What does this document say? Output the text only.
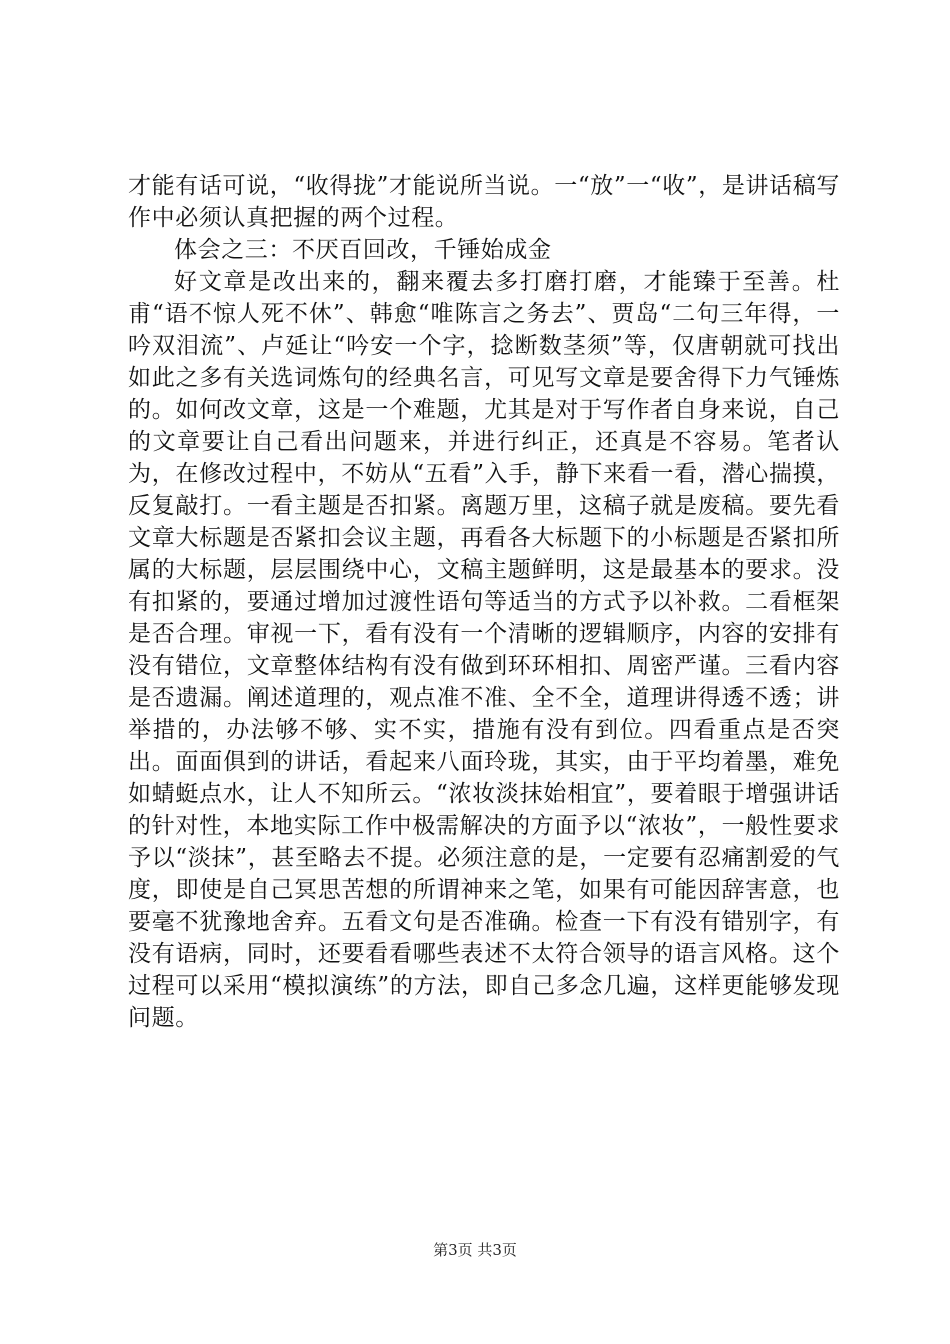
才能有话可说，“收得拢”才能说所当说。一“放”一“收”，是讲话稿写作中必须认真把握的两个过程。

体会之三：不厌百回改，千锤始成金

好文章是改出来的，翻来覆去多打磨打磨，才能臻于至善。杜甫“语不惊人死不休”、韩愈“唯陈言之务去”、贾岛“二句三年得，一吟双泪流”、卢延让“吟安一个字，捻断数茎须”等，仅唐朝就可找出如此之多有关选词炼句的经典名言，可见写文章是要舍得下力气锤炼的。如何改文章，这是一个难题，尤其是对于写作者自身来说，自己的文章要让自己看出问题来，并进行纠正，还真是不容易。笔者认为，在修改过程中，不妨从“五看”入手，静下来看一看，潜心揣摸，反复敲打。一看主题是否扣紧。离题万里，这稿子就是废稿。要先看文章大标题是否紧扣会议主题，再看各大标题下的小标题是否紧扣所属的大标题，层层围绕中心，文稿主题鲜明，这是最基本的要求。没有扣紧的，要通过增加过渡性语句等适当的方式予以补救。二看框架是否合理。审视一下，看有没有一个清晰的逻辑顺序，内容的安排有没有错位，文章整体结构有没有做到环环相扣、周密严谨。三看内容是否遗漏。阐述道理的，观点准不准、全不全，道理讲得透不透；讲举措的，办法够不够、实不实，措施有没有到位。四看重点是否突出。面面俱到的讲话，看起来八面玲珑，其实，由于平均着墨，难免如蜻蜓点水，让人不知所云。“浓妆淡抹始相宜”，要着眼于增强讲话的针对性，本地实际工作中极需解决的方面予以“浓妆”，一般性要求予以“淡抹”，甚至略去不提。必须注意的是，一定要有忍痛割爱的气度，即使是自己冥思苦想的所谓神来之笔，如果有可能因辞害意，也要毫不犹豫地舍弃。五看文句是否准确。检查一下有没有错别字，有没有语病，同时，还要看看哪些表述不太符合领导的语言风格。这个过程可以采用“模拟演练”的方法，即自己多念几遍，这样更能够发现问题。

第3页 共3页
